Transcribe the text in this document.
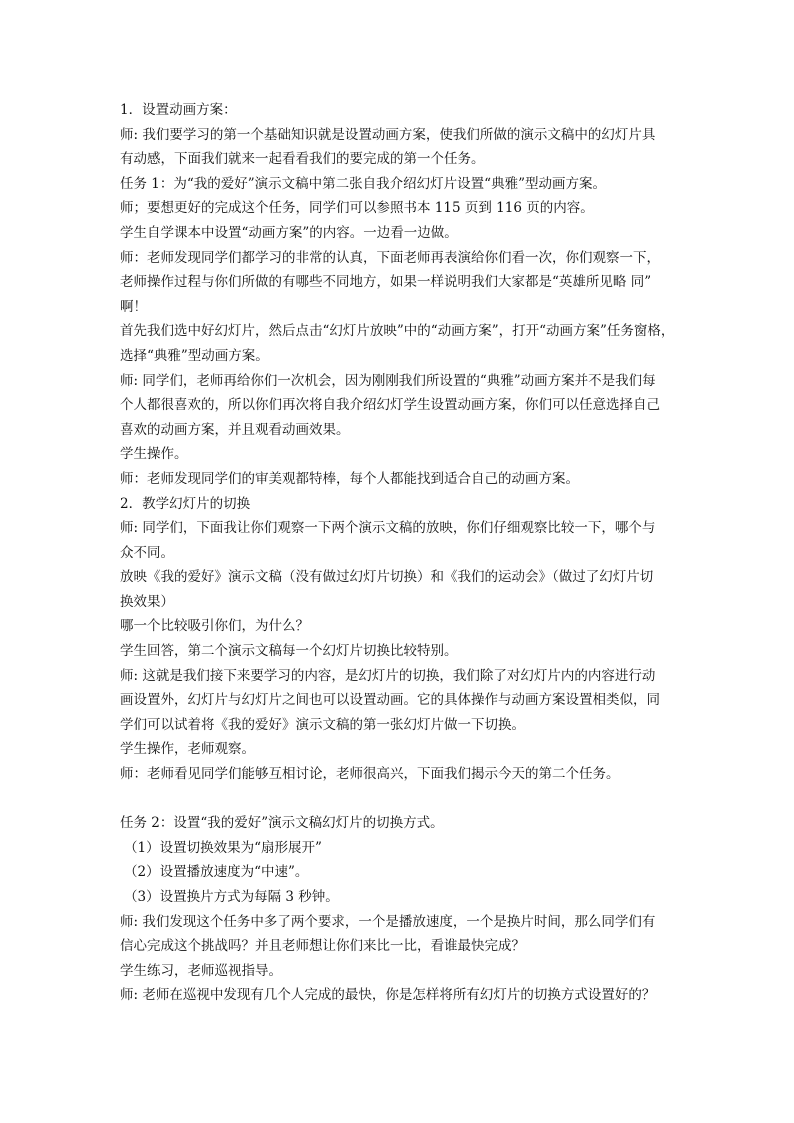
1．设置动画方案：

师: 我们要学习的第一个基础知识就是设置动画方案，使我们所做的演示文稿中的幻灯片具
有动感，下面我们就来一起看看我们的要完成的第一个任务。

任务 1：为“我的爱好”演示文稿中第二张自我介绍幻灯片设置“典雅”型动画方案。

师；要想更好的完成这个任务，同学们可以参照书本 115 页到 116 页的内容。

学生自学课本中设置“动画方案”的内容。一边看一边做。

师：老师发现同学们都学习的非常的认真，下面老师再表演给你们看一次，你们观察一下，
老师操作过程与你们所做的有哪些不同地方，如果一样说明我们大家都是“英雄所见略 同”
啊！

首先我们选中好幻灯片，然后点击“幻灯片放映”中的“动画方案”，打开“动画方案”任务窗格，
选择“典雅”型动画方案。

师: 同学们，老师再给你们一次机会，因为刚刚我们所设置的“典雅”动画方案并不是我们每
个人都很喜欢的，所以你们再次将自我介绍幻灯学生设置动画方案，你们可以任意选择自己
喜欢的动画方案，并且观看动画效果。

学生操作。

师：老师发现同学们的审美观都特棒，每个人都能找到适合自己的动画方案。

2．教学幻灯片的切换

师: 同学们，下面我让你们观察一下两个演示文稿的放映，你们仔细观察比较一下，哪个与
众不同。

放映《我的爱好》演示文稿（没有做过幻灯片切换）和《我们的运动会》（做过了幻灯片切
换效果）

哪一个比较吸引你们，为什么？

学生回答，第二个演示文稿每一个幻灯片切换比较特别。

师: 这就是我们接下来要学习的内容，是幻灯片的切换，我们除了对幻灯片内的内容进行动
画设置外，幻灯片与幻灯片之间也可以设置动画。它的具体操作与动画方案设置相类似，同
学们可以试着将《我的爱好》演示文稿的第一张幻灯片做一下切换。

学生操作，老师观察。

师：老师看见同学们能够互相讨论，老师很高兴，下面我们揭示今天的第二个任务。

任务 2：设置“我的爱好”演示文稿幻灯片的切换方式。

（1）设置切换效果为“扇形展开”

（2）设置播放速度为“中速”。

（3）设置换片方式为每隔 3 秒钟。

师: 我们发现这个任务中多了两个要求，一个是播放速度，一个是换片时间，那么同学们有
信心完成这个挑战吗？并且老师想让你们来比一比，看谁最快完成？

学生练习，老师巡视指导。

师: 老师在巡视中发现有几个人完成的最快，你是怎样将所有幻灯片的切换方式设置好的？
